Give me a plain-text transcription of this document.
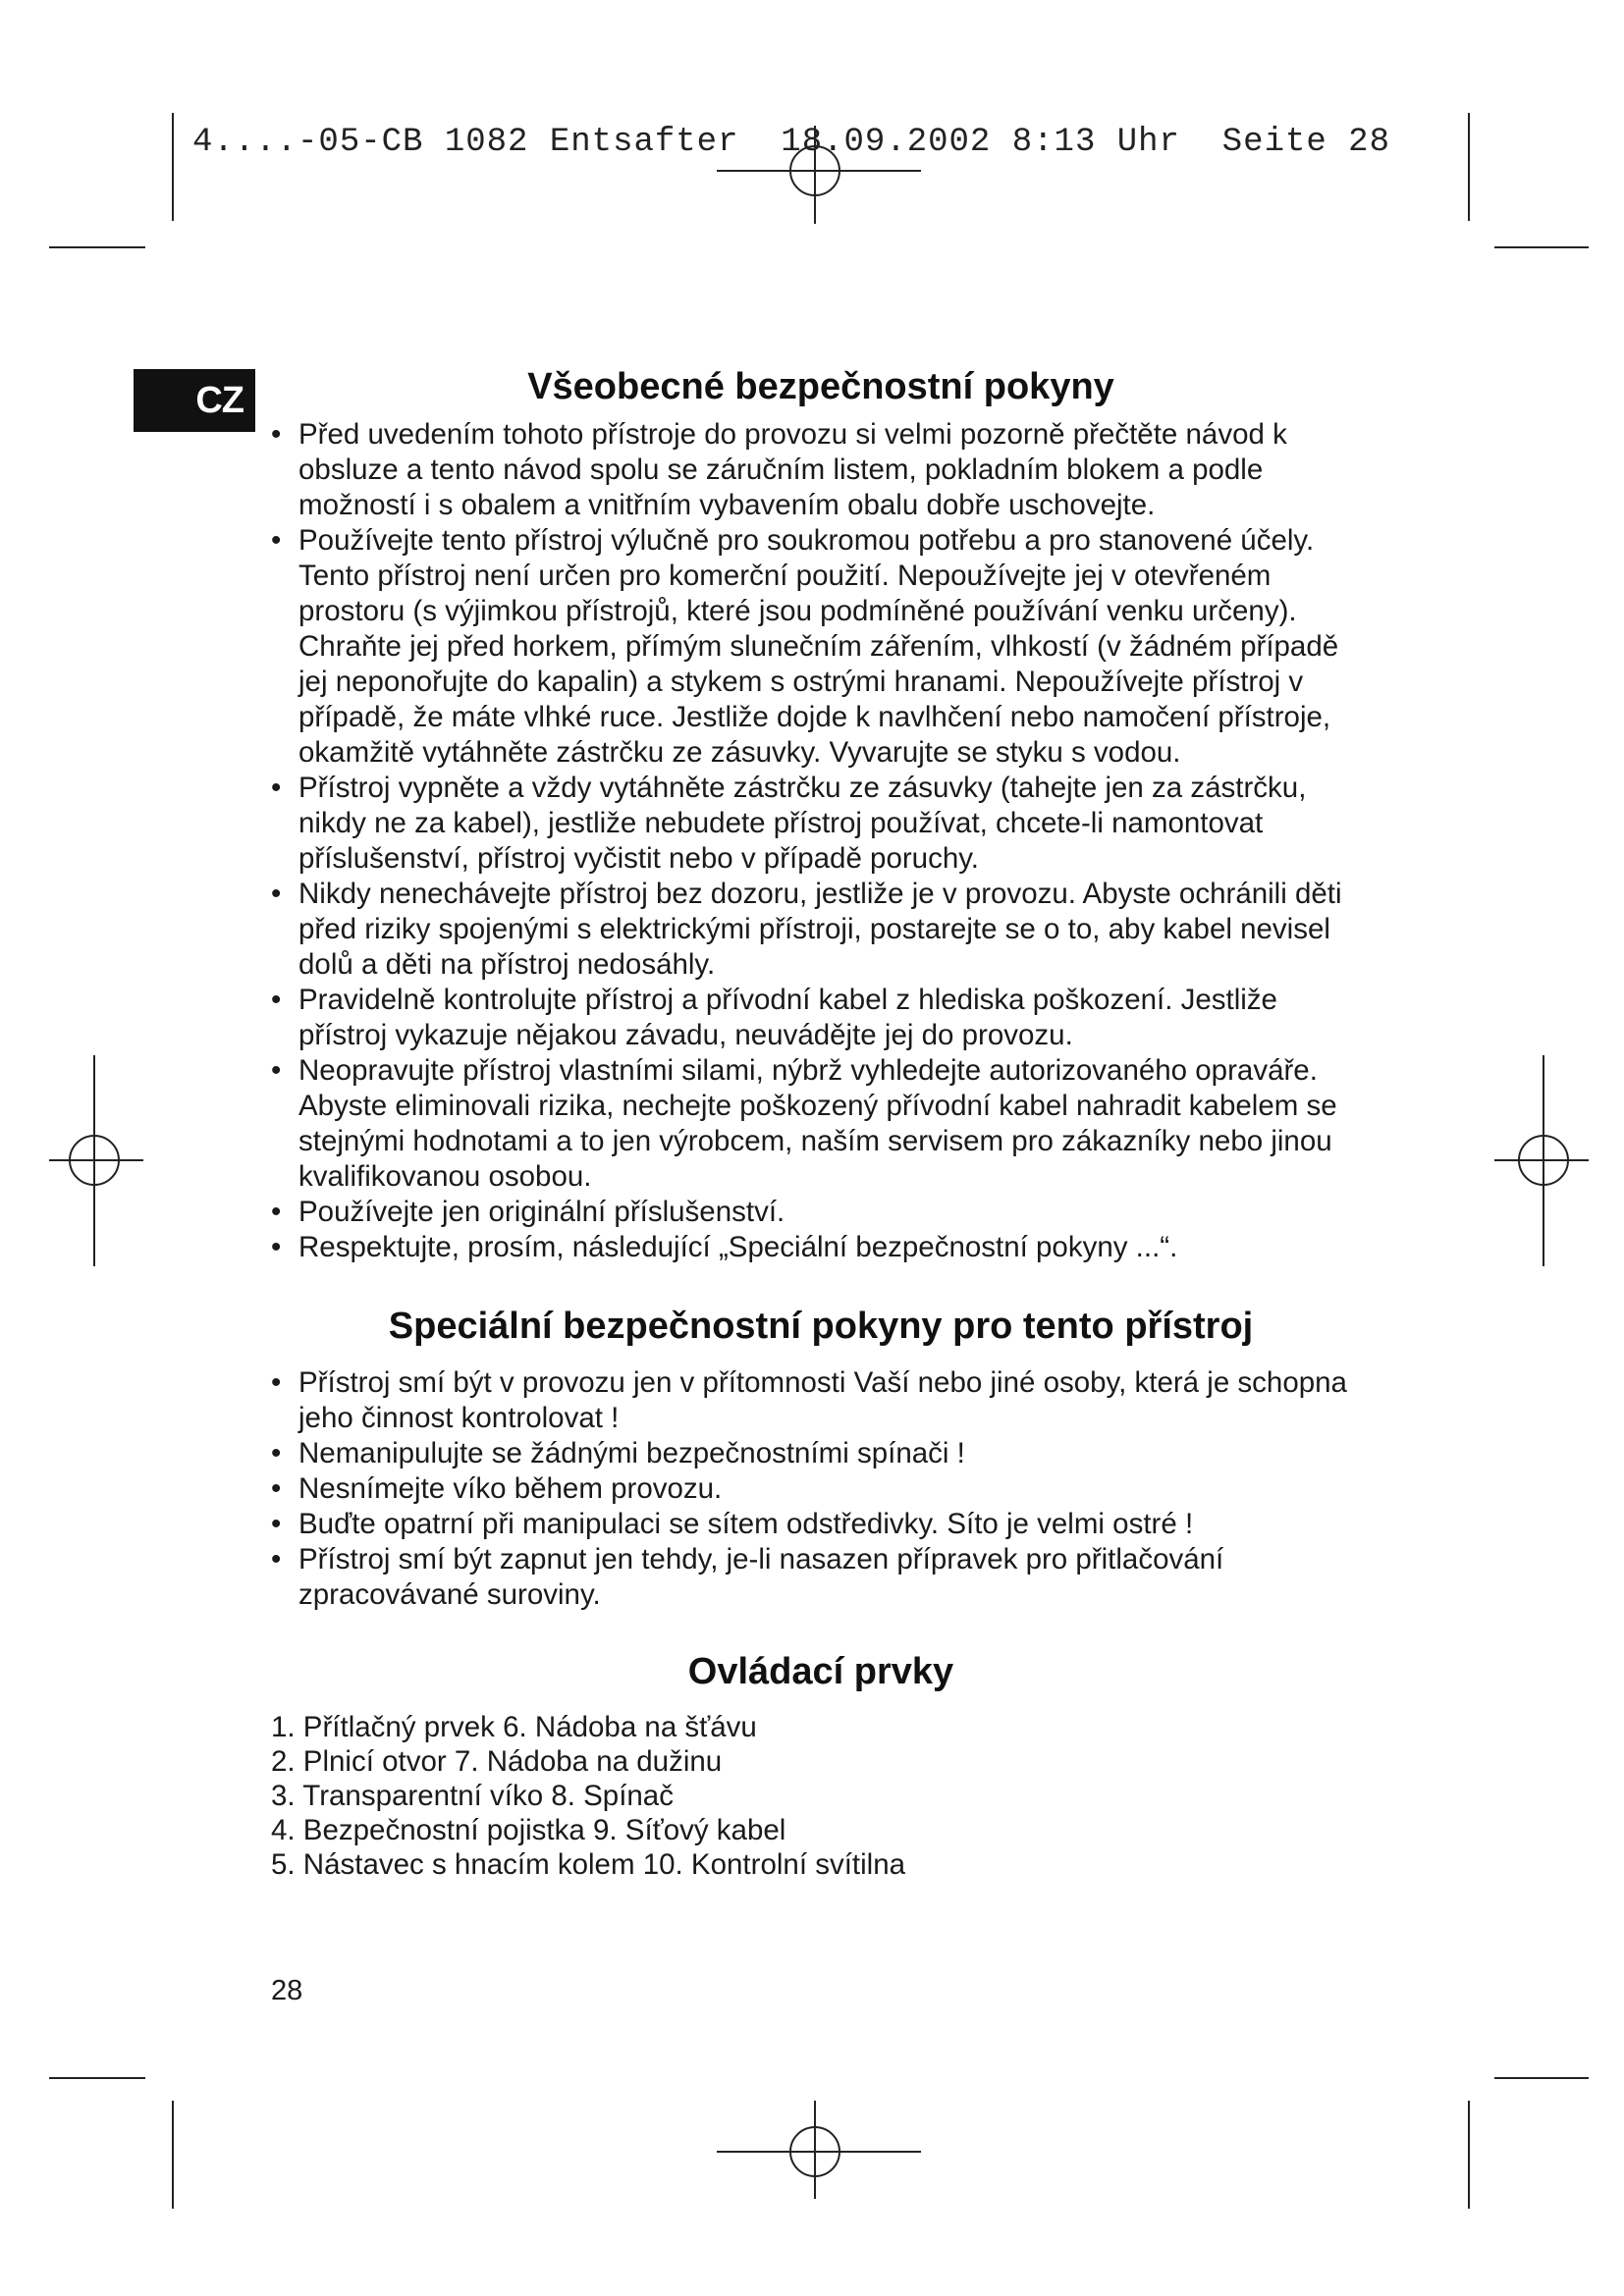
4....-05-CB 1082 Entsafter  18.09.2002 8:13 Uhr  Seite 28
CZ	Všeobecné bezpečnostní pokyny
• Před uvedením tohoto přístroje do provozu si velmi pozorně přečtěte návod k obsluze a tento návod spolu se záručním listem, pokladním blokem a podle možností i s obalem a vnitřním vybavením obalu dobře uschovejte.
• Používejte tento přístroj výlučně pro soukromou potřebu a pro stanovené účely. Tento přístroj není určen pro komerční použití. Nepoužívejte jej v otevřeném prostoru (s výjimkou přístrojů, které jsou podmíněné používání venku určeny). Chraňte jej před horkem, přímým slunečním zářením, vlhkostí (v žádném případě jej neponořujte do kapalin) a stykem s ostrými hranami. Nepoužívejte přístroj v případě, že máte vlhké ruce. Jestliže dojde k navlhčení nebo namočení přístroje, okamžitě vytáhněte zástrčku ze zásuvky. Vyvarujte se styku s vodou.
• Přístroj vypněte a vždy vytáhněte zástrčku ze zásuvky (tahejte jen za zástrčku, nikdy ne za kabel), jestliže nebudete přístroj používat, chcete-li namontovat příslušenství, přístroj vyčistit nebo v případě poruchy.
• Nikdy nenechávejte přístroj bez dozoru, jestliže je v provozu. Abyste ochránili děti před riziky spojenými s elektrickými přístroji, postarejte se o to, aby kabel nevisel dolů a děti na přístroj nedosáhly.
• Pravidelně kontrolujte přístroj a přívodní kabel z hlediska poškození. Jestliže přístroj vykazuje nějakou závadu, neuvádějte jej do provozu.
• Neopravujte přístroj vlastními silami, nýbrž vyhledejte autorizovaného opraváře. Abyste eliminovali rizika, nechejte poškozený přívodní kabel nahradit kabelem se stejnými hodnotami a to jen výrobcem, naším servisem pro zákazníky nebo jinou kvalifikovanou osobou.
• Používejte jen originální příslušenství.
• Respektujte, prosím, následující „Speciální bezpečnostní pokyny ...“.
Speciální bezpečnostní pokyny pro tento přístroj
• Přístroj smí být v provozu jen v přítomnosti Vaší nebo jiné osoby, která je schopna jeho činnost kontrolovat !
• Nemanipulujte se žádnými bezpečnostními spínači !
• Nesnímejte víko během provozu.
• Buďte opatrní při manipulaci se sítem odstředivky. Síto je velmi ostré !
• Přístroj smí být zapnut jen tehdy, je-li nasazen přípravek pro přitlačování zpracovávané suroviny.
Ovládací prvky
1. Přítlačný prvek 6. Nádoba na šťávu
2. Plnicí otvor 7. Nádoba na dužinu
3. Transparentní víko 8. Spínač
4. Bezpečnostní pojistka 9. Síťový kabel
5. Nástavec s hnacím kolem 10. Kontrolní svítilna
28
